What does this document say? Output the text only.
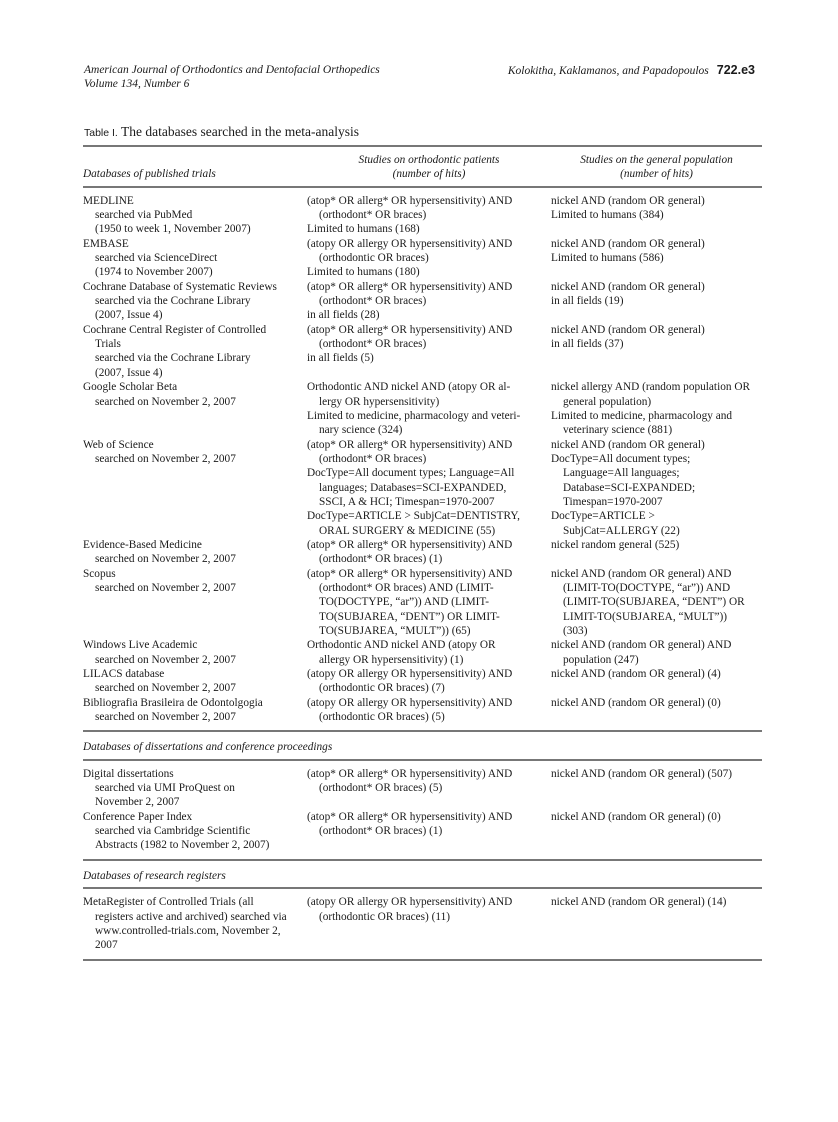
American Journal of Orthodontics and Dentofacial Orthopedics
Volume 134, Number 6
Kolokitha, Kaklamanos, and Papadopoulos 722.e3
Table I. The databases searched in the meta-analysis
Databases of published trials
Studies on orthodontic patients
(number of hits)
Studies on the general population
(number of hits)
MEDLINE
searched via PubMed
(1950 to week 1, November 2007)
(atop* OR allerg* OR hypersensitivity) AND
(orthodont* OR braces)
Limited to humans (168)
nickel AND (random OR general)
Limited to humans (384)
EMBASE
searched via ScienceDirect
(1974 to November 2007)
(atopy OR allergy OR hypersensitivity) AND
(orthodontic OR braces)
Limited to humans (180)
nickel AND (random OR general)
Limited to humans (586)
Cochrane Database of Systematic Reviews
searched via the Cochrane Library
(2007, Issue 4)
(atop* OR allerg* OR hypersensitivity) AND
(orthodont* OR braces)
in all fields (28)
nickel AND (random OR general)
in all fields (19)
Cochrane Central Register of Controlled
Trials
searched via the Cochrane Library
(2007, Issue 4)
(atop* OR allerg* OR hypersensitivity) AND
(orthodont* OR braces)
in all fields (5)
nickel AND (random OR general)
in all fields (37)
Google Scholar Beta
searched on November 2, 2007
Orthodontic AND nickel AND (atopy OR al-
lergy OR hypersensitivity)
Limited to medicine, pharmacology and veteri-
nary science (324)
nickel allergy AND (random population OR
general population)
Limited to medicine, pharmacology and
veterinary science (881)
Web of Science
searched on November 2, 2007
(atop* OR allerg* OR hypersensitivity) AND
(orthodont* OR braces)
DocType=All document types; Language=All
languages; Databases=SCI-EXPANDED,
SSCI, A & HCI; Timespan=1970-2007
DocType=ARTICLE > SubjCat=DENTISTRY,
ORAL SURGERY & MEDICINE (55)
nickel AND (random OR general)
DocType=All document types;
Language=All languages;
Database=SCI-EXPANDED;
Timespan=1970-2007
DocType=ARTICLE >
SubjCat=ALLERGY (22)
Evidence-Based Medicine
searched on November 2, 2007
(atop* OR allerg* OR hypersensitivity) AND
(orthodont* OR braces) (1)
nickel random general (525)
Scopus
searched on November 2, 2007
(atop* OR allerg* OR hypersensitivity) AND
(orthodont* OR braces) AND (LIMIT-
TO(DOCTYPE, “ar”)) AND (LIMIT-
TO(SUBJAREA, “DENT”) OR LIMIT-
TO(SUBJAREA, “MULT”)) (65)
nickel AND (random OR general) AND
(LIMIT-TO(DOCTYPE, “ar”)) AND
(LIMIT-TO(SUBJAREA, “DENT”) OR
LIMIT-TO(SUBJAREA, “MULT”))
(303)
Windows Live Academic
searched on November 2, 2007
Orthodontic AND nickel AND (atopy OR
allergy OR hypersensitivity) (1)
nickel AND (random OR general) AND
population (247)
LILACS database
searched on November 2, 2007
(atopy OR allergy OR hypersensitivity) AND
(orthodontic OR braces) (7)
nickel AND (random OR general) (4)
Bibliografia Brasileira de Odontolgogia
searched on November 2, 2007
(atopy OR allergy OR hypersensitivity) AND
(orthodontic OR braces) (5)
nickel AND (random OR general) (0)
Databases of dissertations and conference proceedings
Digital dissertations
searched via UMI ProQuest on
November 2, 2007
(atop* OR allerg* OR hypersensitivity) AND
(orthodont* OR braces) (5)
nickel AND (random OR general) (507)
Conference Paper Index
searched via Cambridge Scientific
Abstracts (1982 to November 2, 2007)
(atop* OR allerg* OR hypersensitivity) AND
(orthodont* OR braces) (1)
nickel AND (random OR general) (0)
Databases of research registers
MetaRegister of Controlled Trials (all
registers active and archived) searched via
www.controlled-trials.com, November 2,
2007
(atopy OR allergy OR hypersensitivity) AND
(orthodontic OR braces) (11)
nickel AND (random OR general) (14)
